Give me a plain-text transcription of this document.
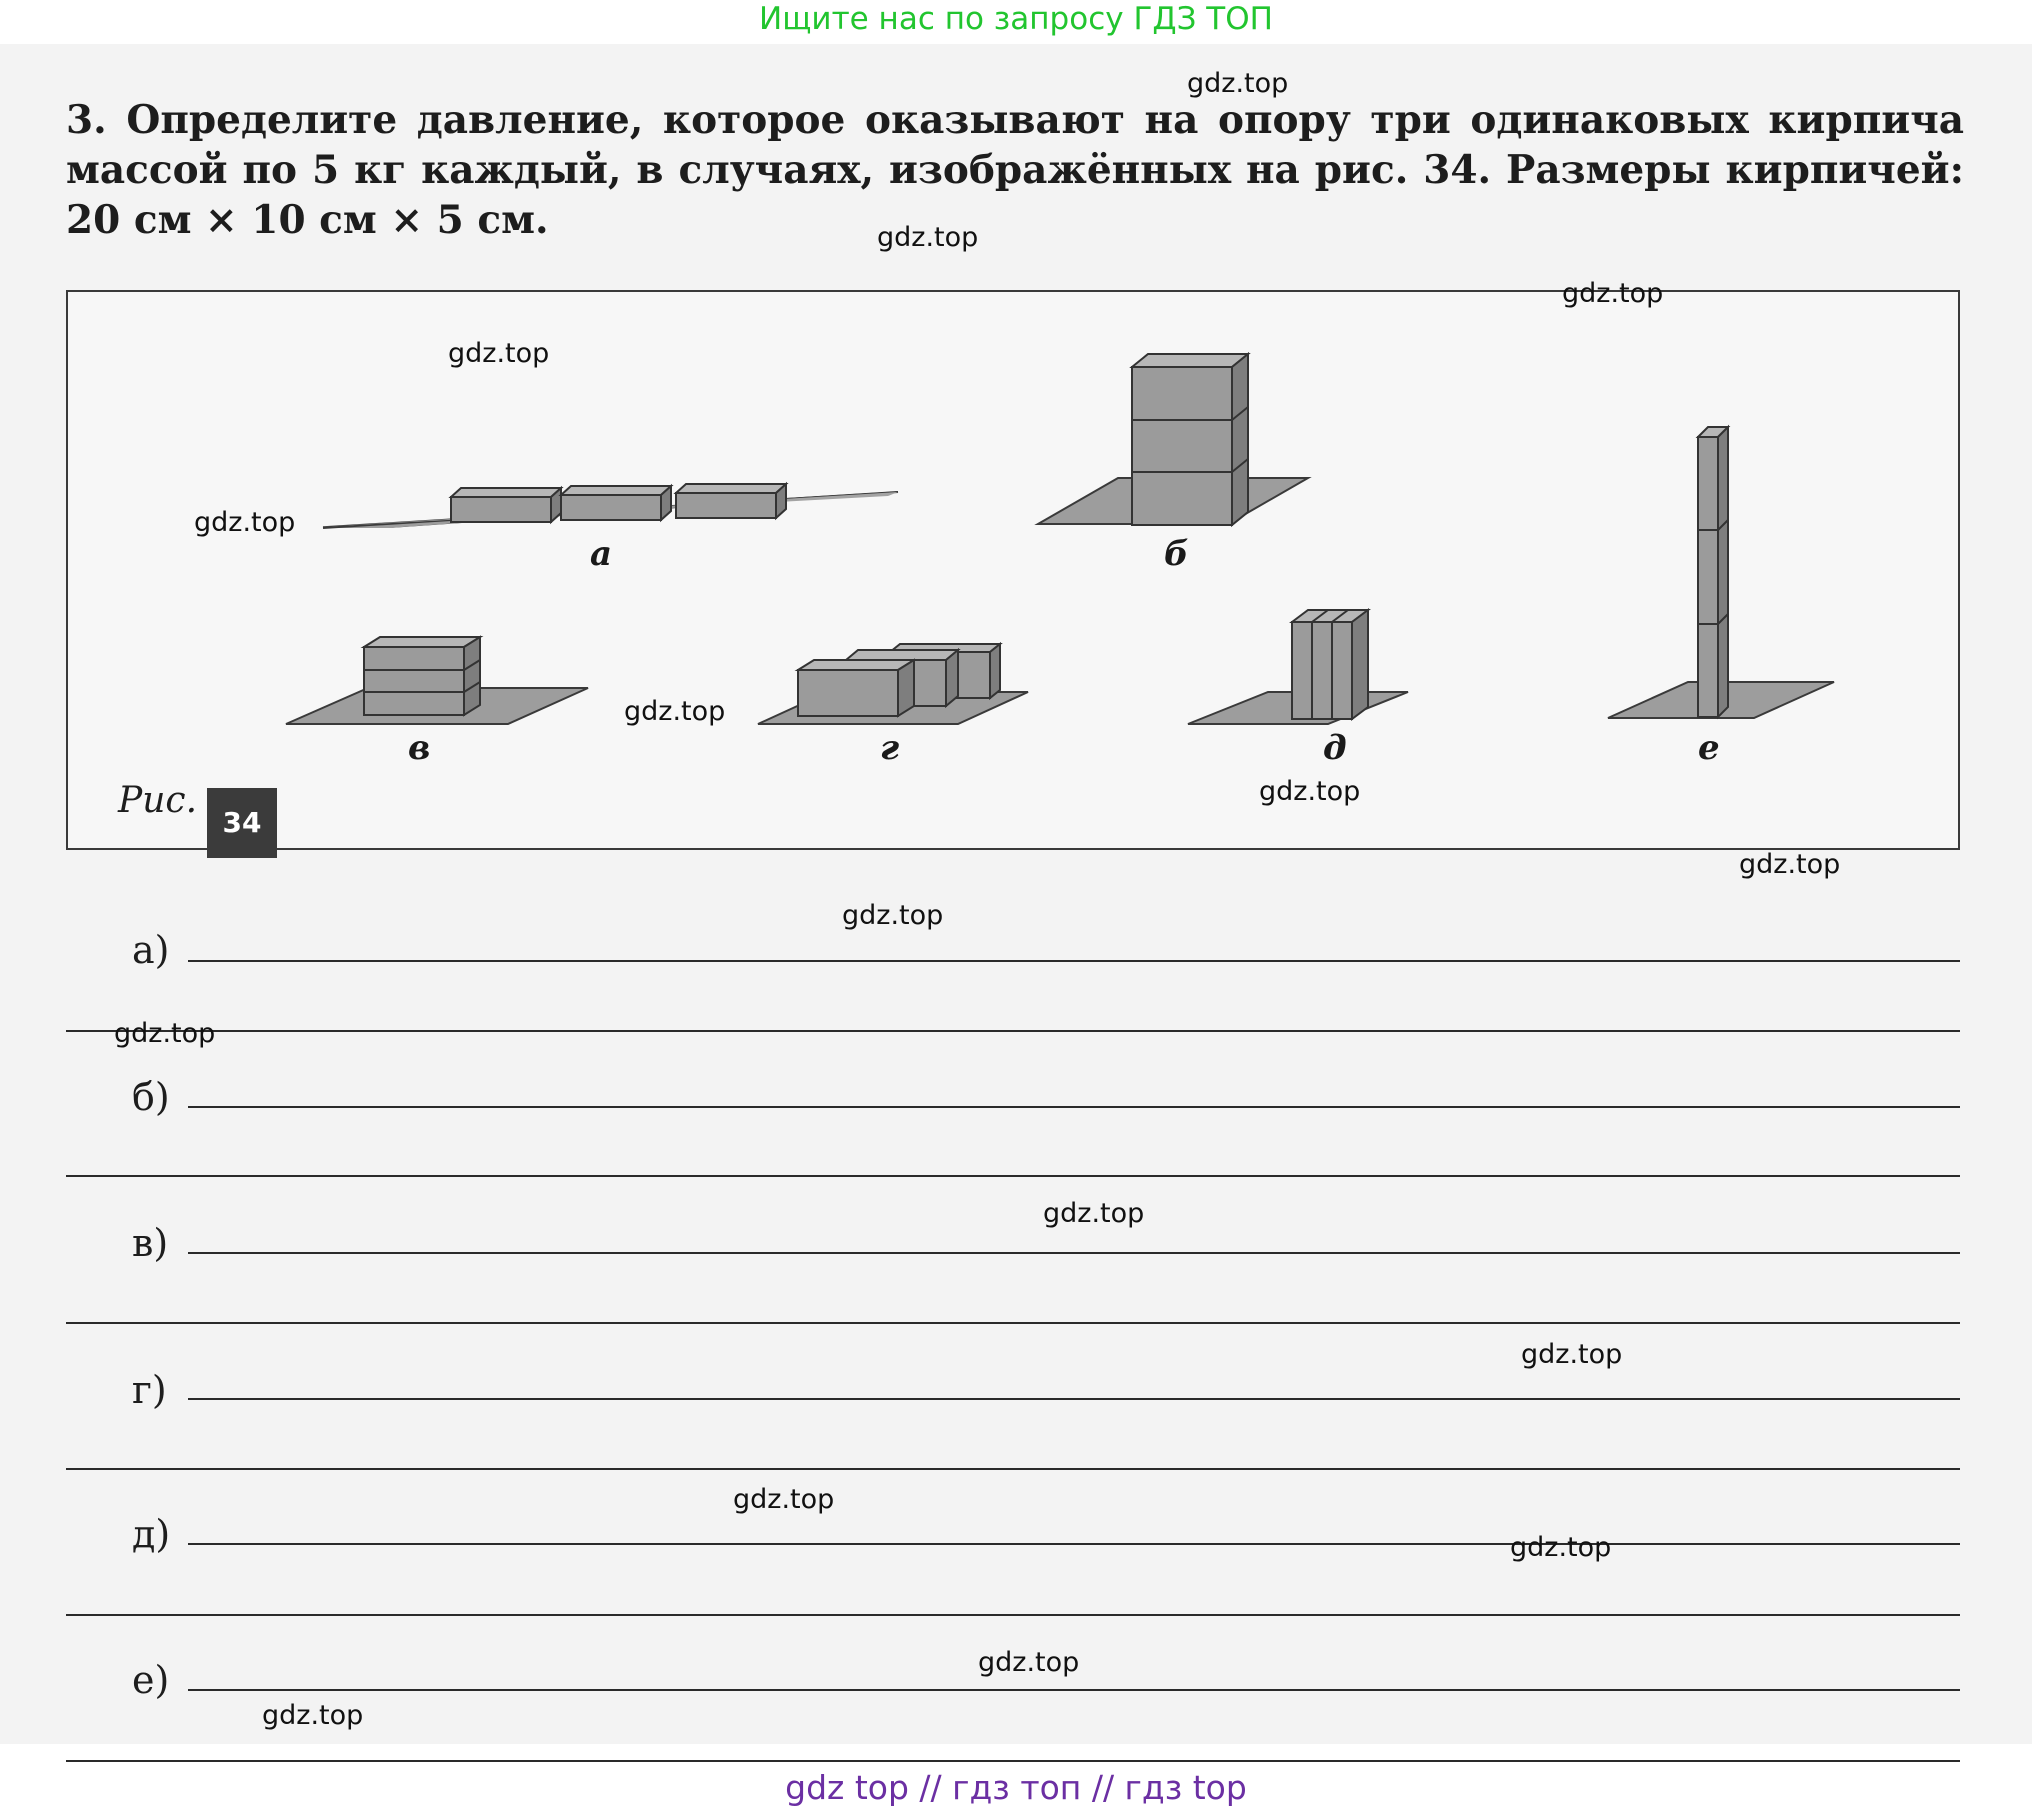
Ищите нас по запросу ГДЗ ТОП
3. Определите давление, которое оказывают на опору три одинаковых кирпича массой по 5 кг каждый, в случаях, изображённых на рис. 34. Размеры кирпичей: 20 см × 10 см × 5 см.
а	б
в	г	д	е
Рис.34
а)
б)
в)
г)
д)
е)
gdz.top
gdz.top
gdz.top
gdz.top
gdz.top
gdz.top
gdz.top
gdz.top
gdz.top
gdz.top
gdz.top
gdz.top
gdz.top
gdz.top
gdz.top
gdz.top
gdz top // гдз топ // гдз top
